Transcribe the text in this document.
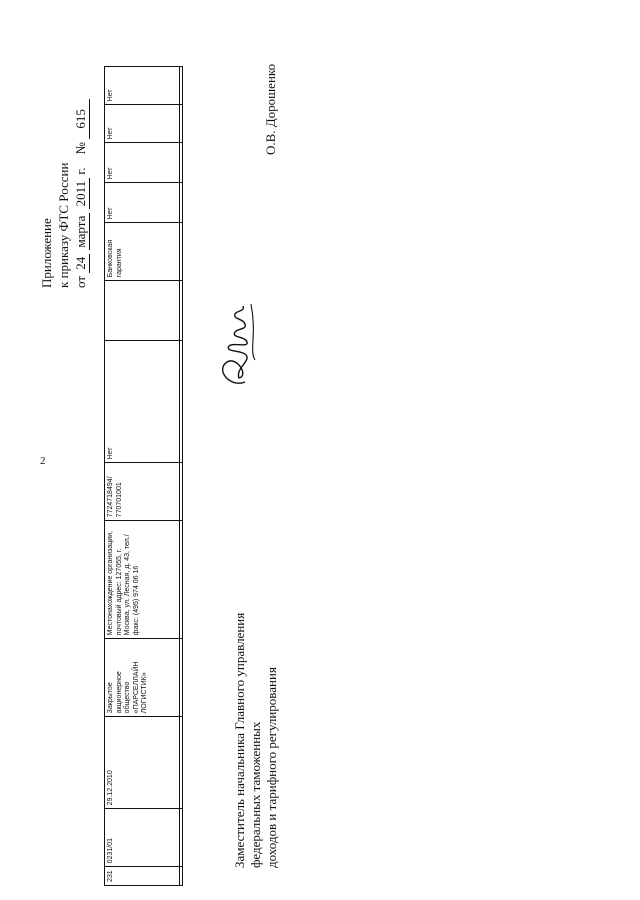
2
Приложение к приказу ФТС России от 24 марта 2011 г.    № 615
231	0231/01	29.12.2010	Закрытое акционерное общество «ПАРСЕЛЛАЙН ЛОГИСТИК»	Местонахождение организации, почтовый адрес: 127055, г. Москва, ул. Лесная, д. 43, тел./факс: (495) 974 06 16	7724718494/ 770701001	Нет		Банковская гарантия	Нет	Нет	Нет	Нет

Заместитель начальника Главного управления федеральных таможенных доходов и тарифного регулирования
О.В. Дорошенко
